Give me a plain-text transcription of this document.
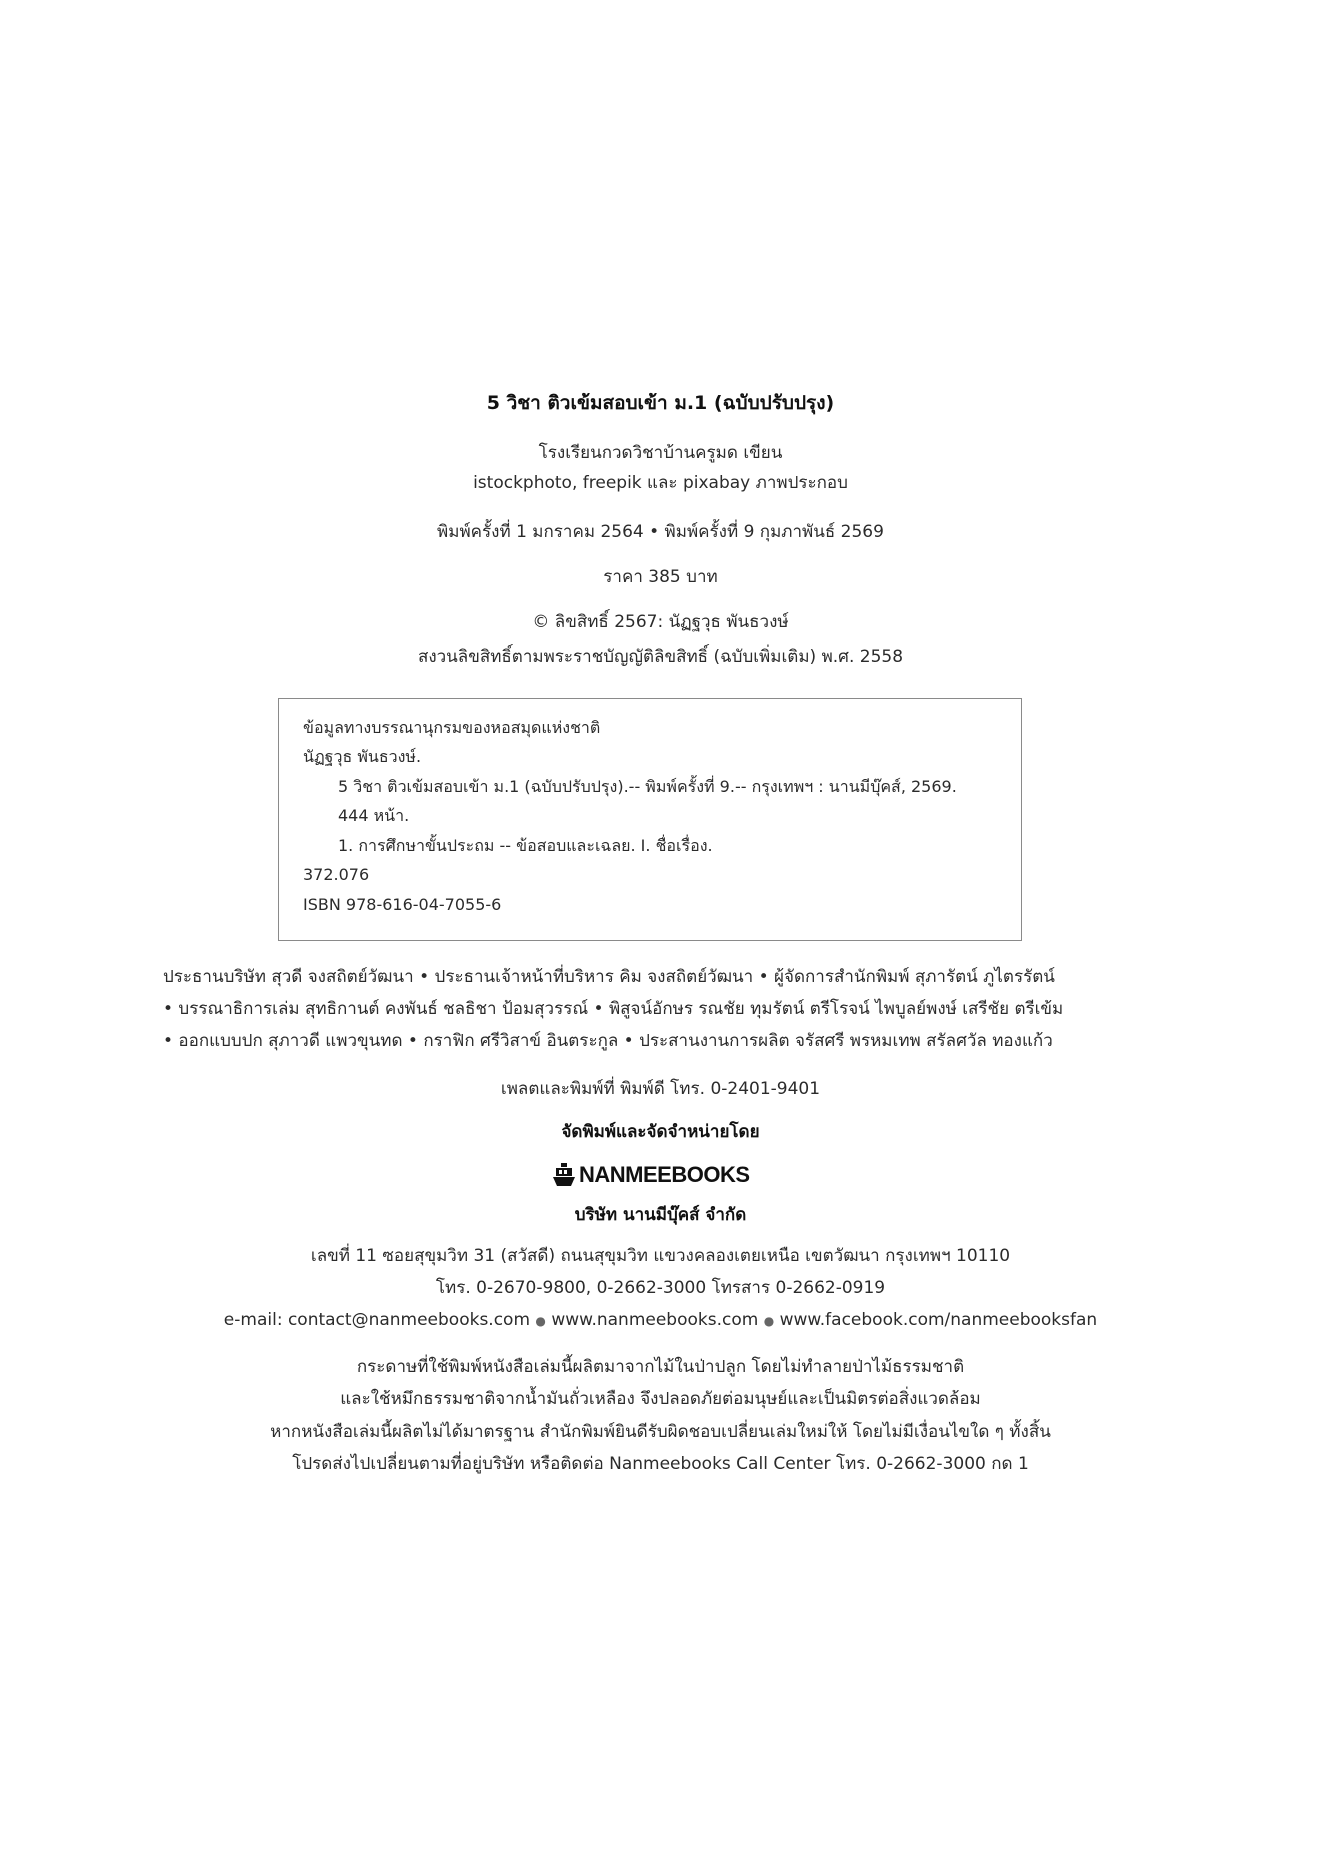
5 วิชา ติวเข้มสอบเข้า ม.1 (ฉบับปรับปรุง)
โรงเรียนกวดวิชาบ้านครูมด เขียน
istockphoto, freepik และ pixabay ภาพประกอบ
พิมพ์ครั้งที่ 1 มกราคม 2564 • พิมพ์ครั้งที่ 9 กุมภาพันธ์ 2569
ราคา 385 บาท
© ลิขสิทธิ์ 2567: นัฏฐวุธ พันธวงษ์
สงวนลิขสิทธิ์ตามพระราชบัญญัติลิขสิทธิ์ (ฉบับเพิ่มเติม) พ.ศ. 2558
ข้อมูลทางบรรณานุกรมของหอสมุดแห่งชาติ
นัฏฐวุธ พันธวงษ์.
5 วิชา ติวเข้มสอบเข้า ม.1 (ฉบับปรับปรุง).-- พิมพ์ครั้งที่ 9.-- กรุงเทพฯ : นานมีบุ๊คส์, 2569.
444 หน้า.
1. การศึกษาขั้นประถม -- ข้อสอบและเฉลย. I. ชื่อเรื่อง.
372.076
ISBN 978-616-04-7055-6
ประธานบริษัท สุวดี จงสถิตย์วัฒนา • ประธานเจ้าหน้าที่บริหาร คิม จงสถิตย์วัฒนา • ผู้จัดการสำนักพิมพ์ สุภารัตน์ ภูไตรรัตน์
• บรรณาธิการเล่ม สุทธิกานต์ คงพันธ์ ชลธิชา ป้อมสุวรรณ์ • พิสูจน์อักษร รณชัย ทุมรัตน์ ตรีโรจน์ ไพบูลย์พงษ์ เสรีชัย ตรีเข้ม
• ออกแบบปก สุภาวดี แพวขุนทด • กราฟิก ศรีวิสาข์ อินตระกูล • ประสานงานการผลิต จรัสศรี พรหมเทพ สรัลศวัล ทองแก้ว
เพลตและพิมพ์ที่ พิมพ์ดี โทร. 0-2401-9401
จัดพิมพ์และจัดจำหน่ายโดย
NANMEEBOOKS
บริษัท นานมีบุ๊คส์ จำกัด
เลขที่ 11 ซอยสุขุมวิท 31 (สวัสดี) ถนนสุขุมวิท แขวงคลองเตยเหนือ เขตวัฒนา กรุงเทพฯ 10110
โทร. 0-2670-9800, 0-2662-3000 โทรสาร 0-2662-0919
e-mail: contact@nanmeebooks.com ● www.nanmeebooks.com ● www.facebook.com/nanmeebooksfan
กระดาษที่ใช้พิมพ์หนังสือเล่มนี้ผลิตมาจากไม้ในป่าปลูก โดยไม่ทำลายป่าไม้ธรรมชาติ
และใช้หมึกธรรมชาติจากน้ำมันถั่วเหลือง จึงปลอดภัยต่อมนุษย์และเป็นมิตรต่อสิ่งแวดล้อม
หากหนังสือเล่มนี้ผลิตไม่ได้มาตรฐาน สำนักพิมพ์ยินดีรับผิดชอบเปลี่ยนเล่มใหม่ให้ โดยไม่มีเงื่อนไขใด ๆ ทั้งสิ้น
โปรดส่งไปเปลี่ยนตามที่อยู่บริษัท หรือติดต่อ Nanmeebooks Call Center โทร. 0-2662-3000 กด 1
